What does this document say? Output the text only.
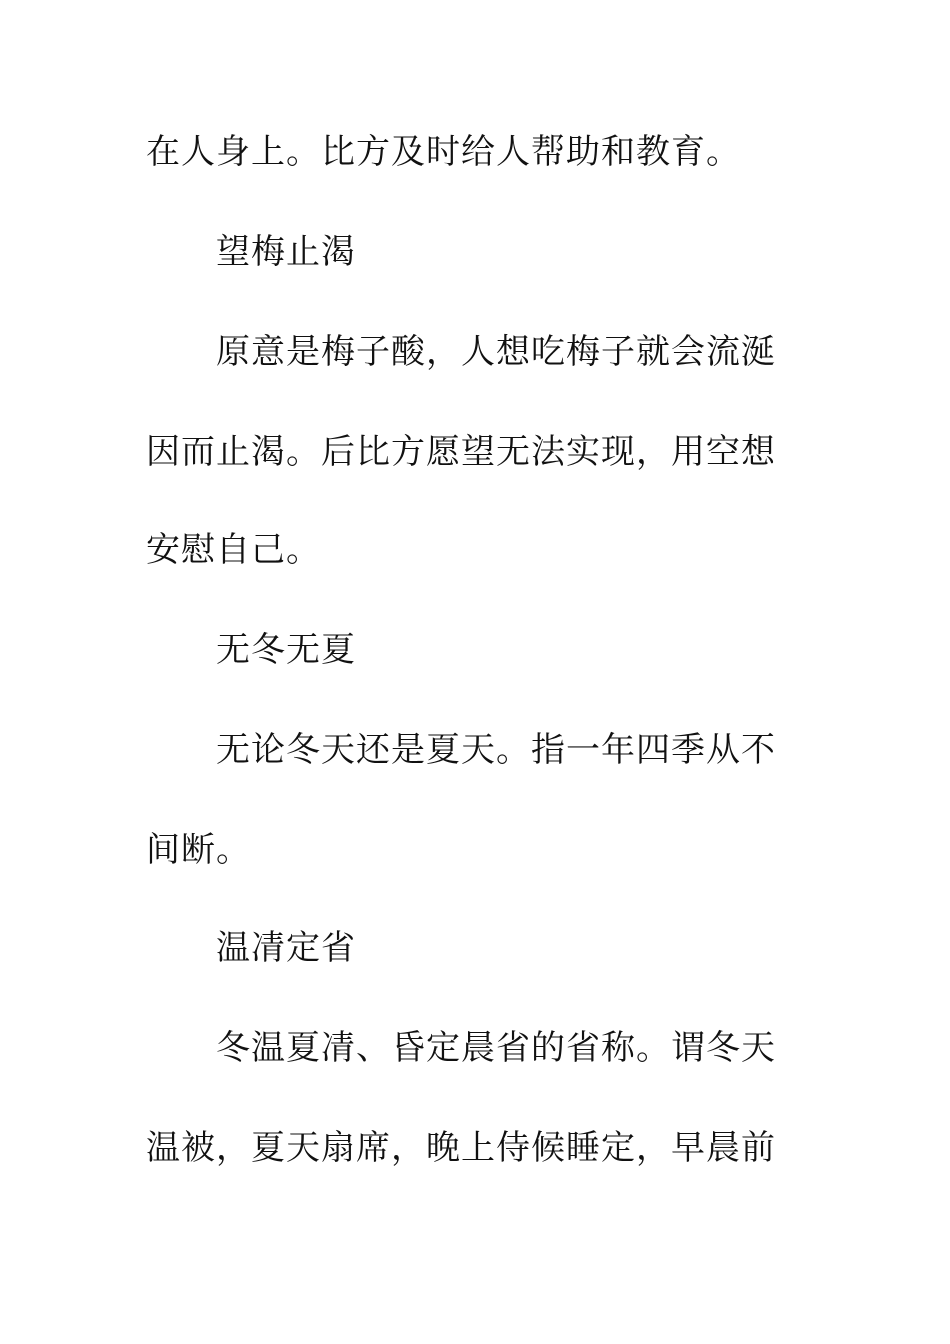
在人身上。比方及时给人帮助和教育。
望梅止渴
原意是梅子酸，人想吃梅子就会流涎
因而止渴。后比方愿望无法实现，用空想
安慰自己。
无冬无夏
无论冬天还是夏天。指一年四季从不
间断。
温凊定省
冬温夏凊、昏定晨省的省称。谓冬天
温被，夏天扇席，晚上侍候睡定，早晨前
